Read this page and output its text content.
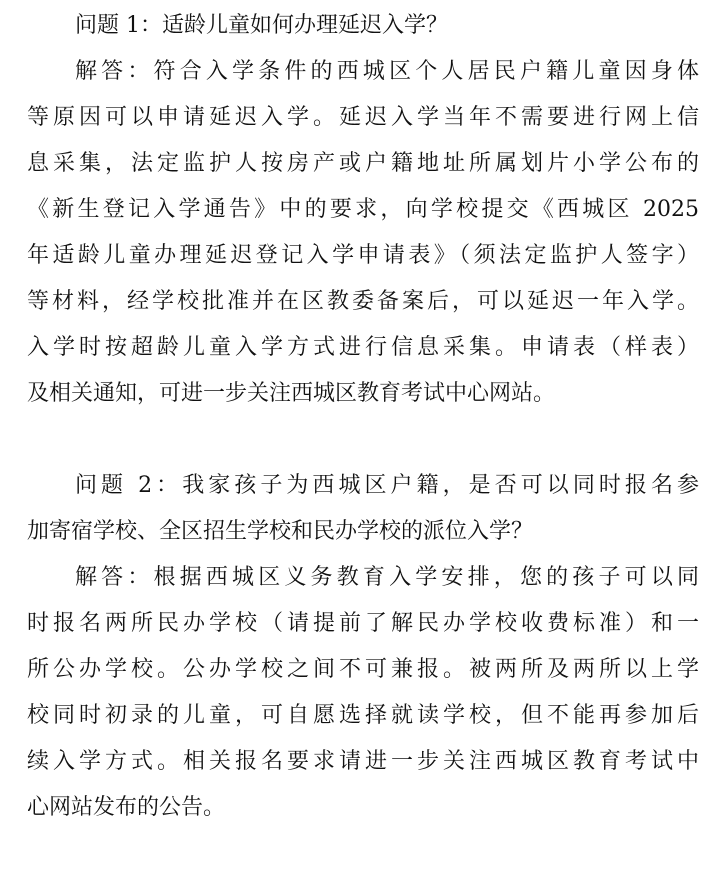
问题 1：适龄儿童如何办理延迟入学？

解答：符合入学条件的西城区个人居民户籍儿童因身体

等原因可以申请延迟入学。延迟入学当年不需要进行网上信

息采集，法定监护人按房产或户籍地址所属划片小学公布的

《新生登记入学通告》中的要求，向学校提交《西城区 2025

年适龄儿童办理延迟登记入学申请表》（须法定监护人签字）

等材料，经学校批准并在区教委备案后，可以延迟一年入学。

入学时按超龄儿童入学方式进行信息采集。申请表（样表）

及相关通知，可进一步关注西城区教育考试中心网站。

问题 2：我家孩子为西城区户籍，是否可以同时报名参

加寄宿学校、全区招生学校和民办学校的派位入学？

解答：根据西城区义务教育入学安排，您的孩子可以同

时报名两所民办学校（请提前了解民办学校收费标准）和一

所公办学校。公办学校之间不可兼报。被两所及两所以上学

校同时初录的儿童，可自愿选择就读学校，但不能再参加后

续入学方式。相关报名要求请进一步关注西城区教育考试中

心网站发布的公告。
